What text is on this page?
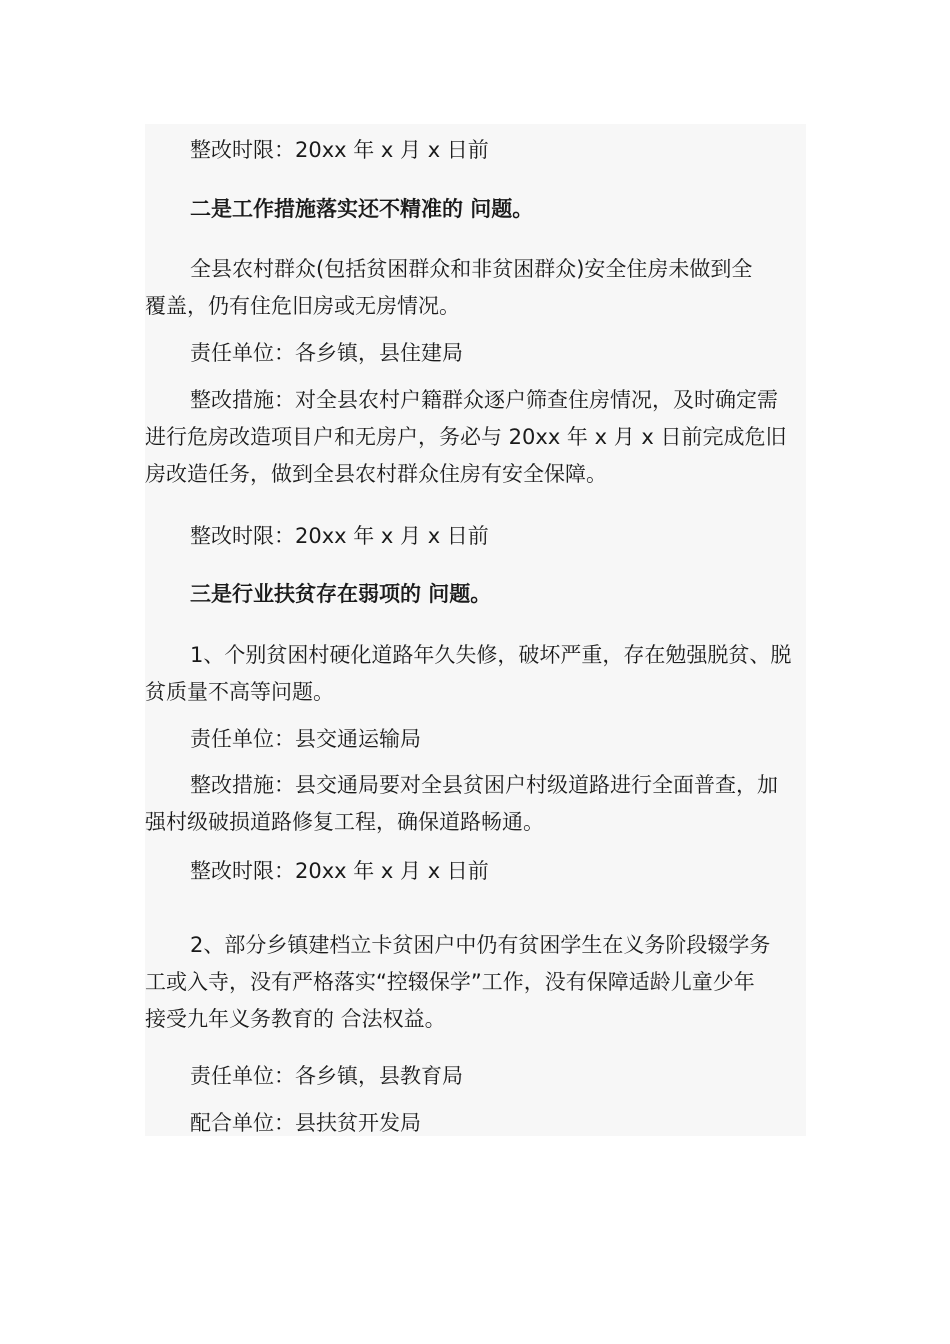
整改时限：20xx 年 x 月 x 日前

二是工作措施落实还不精准的 问题。

全县农村群众(包括贫困群众和非贫困群众)安全住房未做到全
覆盖，仍有住危旧房或无房情况。

责任单位：各乡镇，县住建局

整改措施：对全县农村户籍群众逐户筛查住房情况，及时确定需
进行危房改造项目户和无房户，务必与 20xx 年 x 月 x 日前完成危旧
房改造任务，做到全县农村群众住房有安全保障。

整改时限：20xx 年 x 月 x 日前

三是行业扶贫存在弱项的 问题。

1、个别贫困村硬化道路年久失修，破坏严重，存在勉强脱贫、脱
贫质量不高等问题。

责任单位：县交通运输局

整改措施：县交通局要对全县贫困户村级道路进行全面普查，加
强村级破损道路修复工程，确保道路畅通。

整改时限：20xx 年 x 月 x 日前

2、部分乡镇建档立卡贫困户中仍有贫困学生在义务阶段辍学务
工或入寺，没有严格落实“控辍保学”工作，没有保障适龄儿童少年
接受九年义务教育的 合法权益。

责任单位：各乡镇，县教育局

配合单位：县扶贫开发局
